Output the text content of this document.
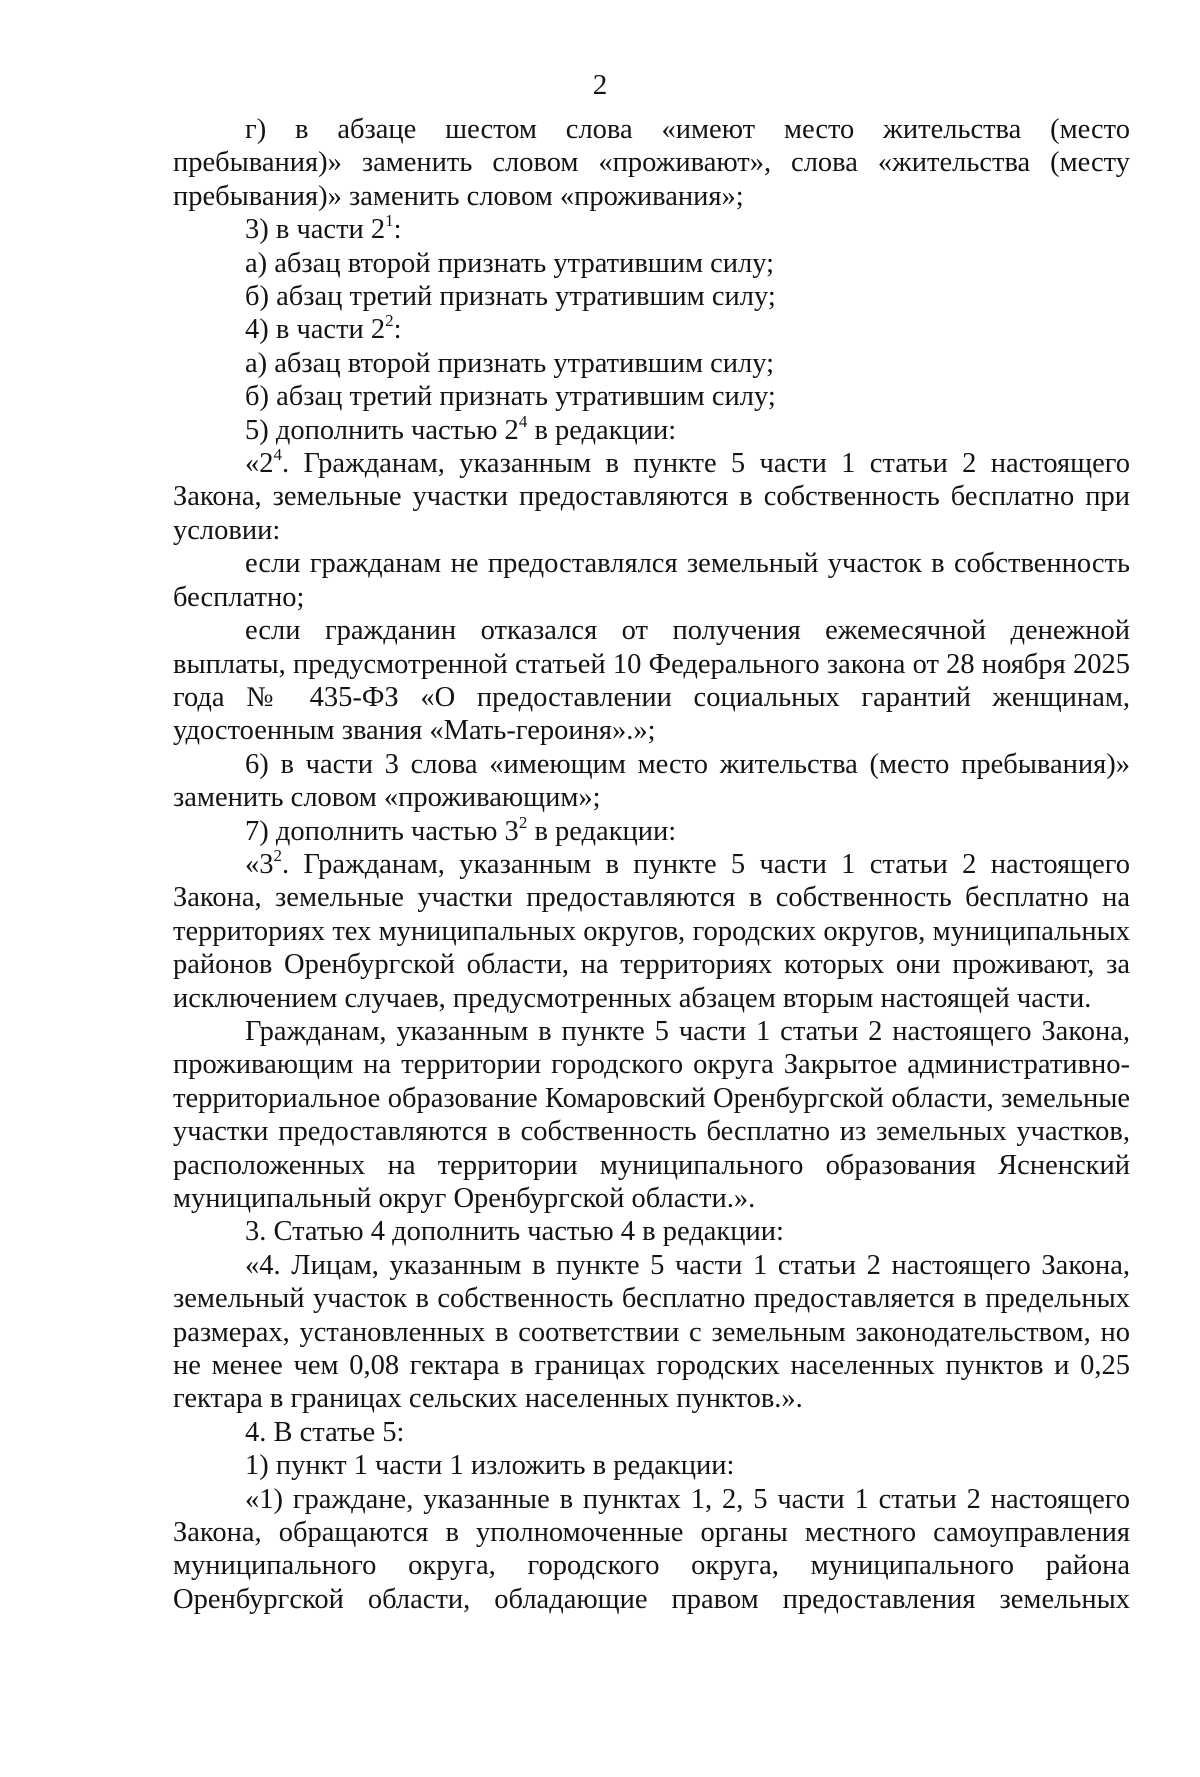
2

г) в абзаце шестом слова «имеют место жительства (место пребывания)» заменить словом «проживают», слова «жительства (месту пребывания)» заменить словом «проживания»;

3) в части $2^1$:

а) абзац второй признать утратившим силу;

б) абзац третий признать утратившим силу;

4) в части $2^2$:

а) абзац второй признать утратившим силу;

б) абзац третий признать утратившим силу;

5) дополнить частью $2^4$ в редакции:

«$2^4$. Гражданам, указанным в пункте 5 части 1 статьи 2 настоящего Закона, земельные участки предоставляются в собственность бесплатно при условии:

если гражданам не предоставлялся земельный участок в собственность бесплатно;

если гражданин отказался от получения ежемесячной денежной выплаты, предусмотренной статьей 10 Федерального закона от 28 ноября 2025 года № 435-ФЗ «О предоставлении социальных гарантий женщинам, удостоенным звания «Мать-героиня».»;

6) в части 3 слова «имеющим место жительства (место пребывания)» заменить словом «проживающим»;

7) дополнить частью $3^2$ в редакции:

«$3^2$. Гражданам, указанным в пункте 5 части 1 статьи 2 настоящего Закона, земельные участки предоставляются в собственность бесплатно на территориях тех муниципальных округов, городских округов, муниципальных районов Оренбургской области, на территориях которых они проживают, за исключением случаев, предусмотренных абзацем вторым настоящей части.

Гражданам, указанным в пункте 5 части 1 статьи 2 настоящего Закона, проживающим на территории городского округа Закрытое административно-территориальное образование Комаровский Оренбургской области, земельные участки предоставляются в собственность бесплатно из земельных участков, расположенных на территории муниципального образования Ясненский муниципальный округ Оренбургской области.».

3. Статью 4 дополнить частью 4 в редакции:

«4. Лицам, указанным в пункте 5 части 1 статьи 2 настоящего Закона, земельный участок в собственность бесплатно предоставляется в предельных размерах, установленных в соответствии с земельным законодательством, но не менее чем 0,08 гектара в границах городских населенных пунктов и 0,25 гектара в границах сельских населенных пунктов.».

4. В статье 5:

1) пункт 1 части 1 изложить в редакции:

«1) граждане, указанные в пунктах 1, 2, 5 части 1 статьи 2 настоящего Закона, обращаются в уполномоченные органы местного самоуправления муниципального округа, городского округа, муниципального района Оренбургской области, обладающие правом предоставления земельных
